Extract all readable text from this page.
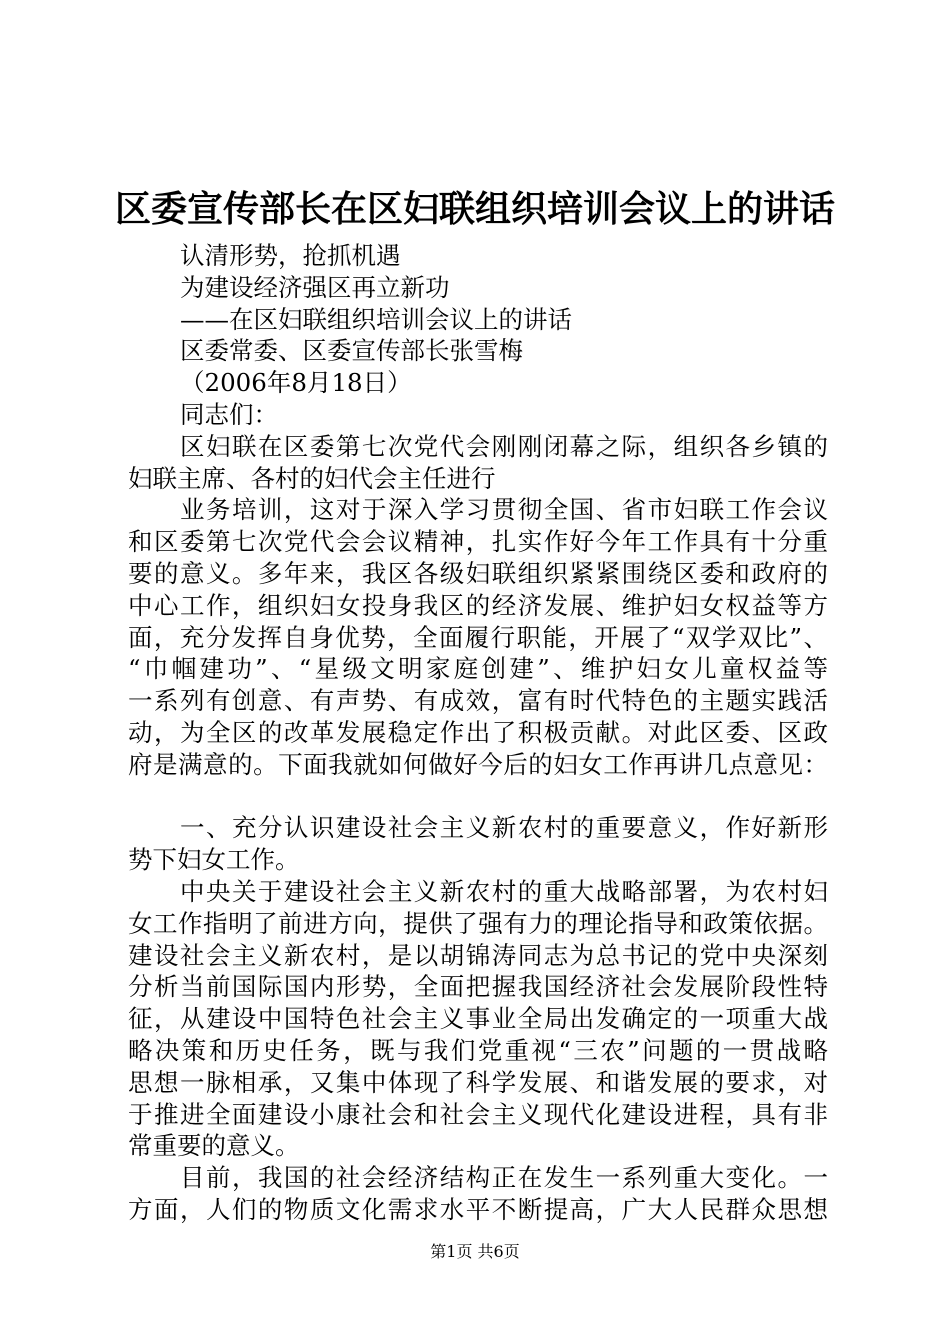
区委宣传部长在区妇联组织培训会议上的讲话
认清形势，抢抓机遇
为建设经济强区再立新功
——在区妇联组织培训会议上的讲话
区委常委、区委宣传部长张雪梅
（2006年8月18日）
同志们：
区妇联在区委第七次党代会刚刚闭幕之际，组织各乡镇的
妇联主席、各村的妇代会主任进行
业务培训，这对于深入学习贯彻全国、省市妇联工作会议
和区委第七次党代会会议精神，扎实作好今年工作具有十分重
要的意义。多年来，我区各级妇联组织紧紧围绕区委和政府的
中心工作，组织妇女投身我区的经济发展、维护妇女权益等方
面，充分发挥自身优势，全面履行职能，开展了“双学双比”、
“巾帼建功”、“星级文明家庭创建”、维护妇女儿童权益等
一系列有创意、有声势、有成效，富有时代特色的主题实践活
动，为全区的改革发展稳定作出了积极贡献。对此区委、区政
府是满意的。下面我就如何做好今后的妇女工作再讲几点意见：
一、充分认识建设社会主义新农村的重要意义，作好新形
势下妇女工作。
中央关于建设社会主义新农村的重大战略部署，为农村妇
女工作指明了前进方向，提供了强有力的理论指导和政策依据。
建设社会主义新农村，是以胡锦涛同志为总书记的党中央深刻
分析当前国际国内形势，全面把握我国经济社会发展阶段性特
征，从建设中国特色社会主义事业全局出发确定的一项重大战
略决策和历史任务，既与我们党重视“三农”问题的一贯战略
思想一脉相承，又集中体现了科学发展、和谐发展的要求，对
于推进全面建设小康社会和社会主义现代化建设进程，具有非
常重要的意义。
目前，我国的社会经济结构正在发生一系列重大变化。一
方面，人们的物质文化需求水平不断提高，广大人民群众思想
第1页 共6页
